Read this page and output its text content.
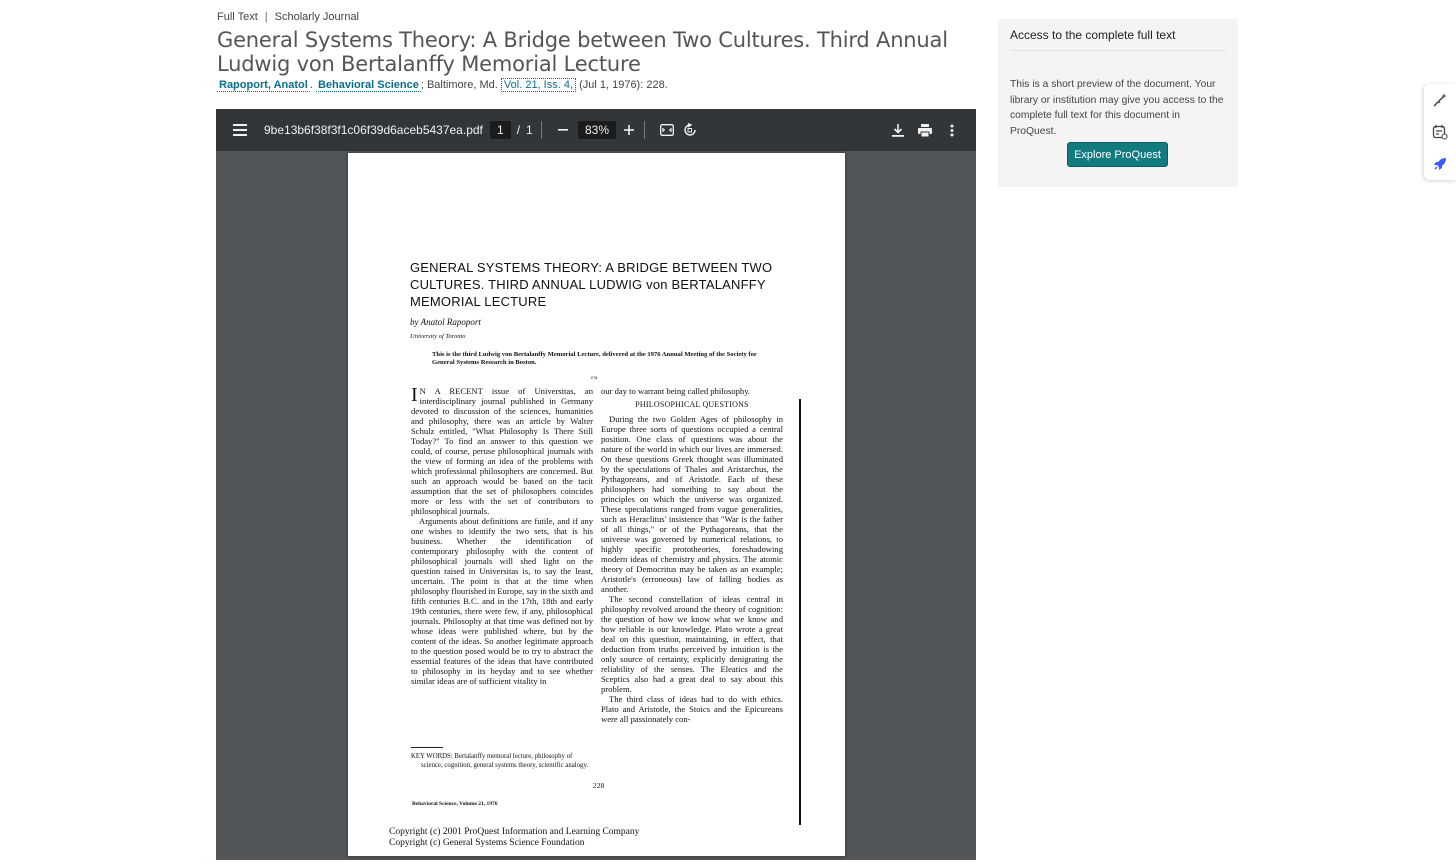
Full Text | Scholarly Journal
General Systems Theory: A Bridge between Two Cultures. Third Annual Ludwig von Bertalanffy Memorial Lecture
Rapoport, Anatol . Behavioral Science ; Baltimore, Md. Vol. 21, Iss. 4, (Jul 1, 1976): 228.
9be13b6f38f3f1c06f39d6aceb5437ea.pdf	1	/ 1	83%
GENERAL SYSTEMS THEORY: A BRIDGE BETWEEN TWO CULTURES. THIRD ANNUAL LUDWIG von BERTALANFFY MEMORIAL LECTURE
by Anatol Rapoport
University of Toronto
This is the third Ludwig von Bertalanffy Memorial Lecture, delivered at the 1976 Annual Meeting of the Society for General Systems Research in Boston.
c•a

I N A RECENT issue of Universitas, an interdisciplinary journal published in Germany devoted to discussion of the sciences, humanities and philosophy, there was an article by Walter Schulz entitled, "What Philosophy Is There Still Today?" To find an answer to this question we could, of course, peruse philosophical journals with the view of forming an idea of the problems with which professional philosophers are concerned. But such an approach would be based on the tacit assumption that the set of philosophers coincides more or less with the set of contributors to philosophical journals.

Arguments about definitions are futile, and if any one wishes to identify the two sets, that is his business. Whether the identification of contemporary philosophy with the content of philosophical journals will shed light on the question raised in Universitas is, to say the least, uncertain. The point is that at the time when philosophy flourished in Europe, say in the sixth and fifth centuries B.C. and in the 17th, 18th and early 19th centuries, there were few, if any, philosophical journals. Philosophy at that time was defined not by whose ideas were published where, but by the content of the ideas. So another legitimate approach to the question posed would be to try to abstract the essential features of the ideas that have contributed to philosophy in its heyday and to see whether similar ideas are of sufficient vitality in

our day to warrant being called philosophy.

PHILOSOPHICAL QUESTIONS

During the two Golden Ages of philosophy in Europe three sorts of questions occupied a central position. One class of questions was about the nature of the world in which our lives are immersed. On these questions Greek thought was illuminated by the speculations of Thales and Aristarchus, the Pythagoreans, and of Aristotle. Each of these philosophers had something to say about the principles on which the universe was organized. These speculations ranged from vague generalities, such as Heraclitus' insistence that "War is the father of all things," or of the Pythagoreans, that the universe was governed by numerical relations, to highly specific prototheories, foreshadowing modern ideas of chemistry and physics. The atomic theory of Democritus may be taken as an example; Aristotle's (erroneous) law of falling bodies as another.

The second constellation of ideas central in philosophy revolved around the theory of cognition: the question of how we know what we know and how reliable is our knowledge. Plato wrote a great deal on this question, maintaining, in effect, that deduction from truths perceived by intuition is the only source of certainty, explicitly denigrating the reliability of the senses. The Eleatics and the Sceptics also had a great deal to say about this problem.

The third class of ideas had to do with ethics. Plato and Aristotle, the Stoics and the Epicureans were all passionately con-

KEY WORDS: Bertalanffy memoral lecture, philosophy of science, cognition, general systems theory, scientific analogy.
228
Behavioral Science, Volume 21, 1976
Copyright (c) 2001 ProQuest Information and Learning Company
Copyright (c) General Systems Science Foundation
Access to the complete full text

This is a short preview of the document. Your library or institution may give you access to the complete full text for this document in ProQuest.

Explore ProQuest
